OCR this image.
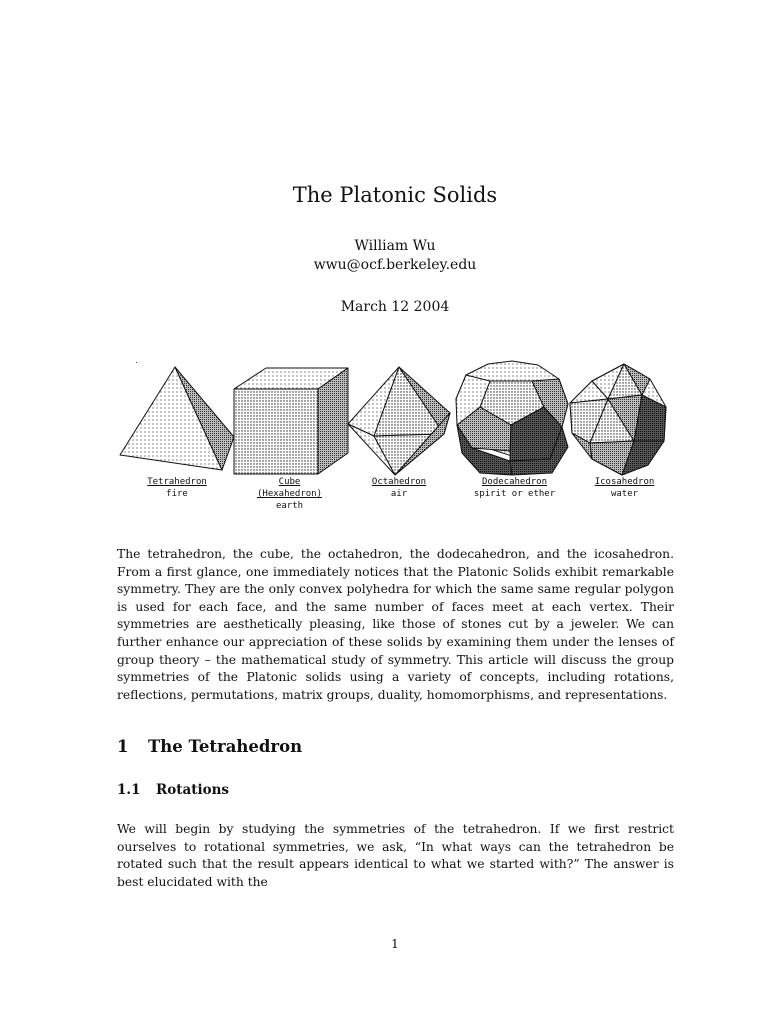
The Platonic Solids
William Wu
wwu@ocf.berkeley.edu
March 12 2004
Tetrahedron
fire
Cube
(Hexahedron)
earth
Octahedron
air
Dodecahedron
spirit or ether
Icosahedron
water

The tetrahedron, the cube, the octahedron, the dodecahedron, and the icosahedron. From a first glance, one immediately notices that the Platonic Solids exhibit remarkable symmetry. They are the only convex polyhedra for which the same same regular polygon is used for each face, and the same number of faces meet at each vertex. Their symmetries are aesthetically pleasing, like those of stones cut by a jeweler. We can further enhance our appreciation of these solids by examining them under the lenses of group theory – the mathematical study of symmetry. This article will discuss the group symmetries of the Platonic solids using a variety of concepts, including rotations, reflections, permutations, matrix groups, duality, homomorphisms, and representations.

1 The Tetrahedron
1.1 Rotations

We will begin by studying the symmetries of the tetrahedron. If we first restrict ourselves to rotational symmetries, we ask, “In what ways can the tetrahedron be rotated such that the result appears identical to what we started with?” The answer is best elucidated with the

1
